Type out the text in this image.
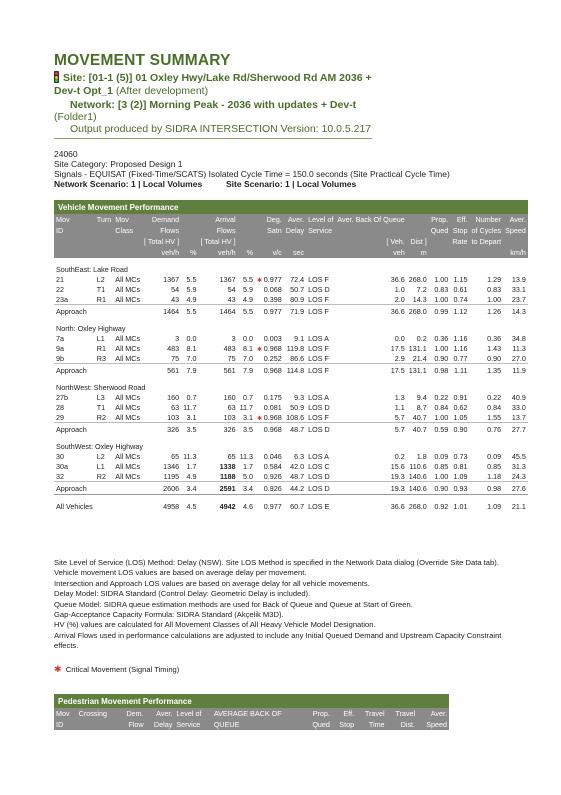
MOVEMENT SUMMARY
Site: [01-1 (5)] 01 Oxley Hwy/Lake Rd/Sherwood Rd AM 2036 +
Dev-t Opt_1 (After development)
Network: [3 (2)] Morning Peak - 2036 with updates + Dev-t
(Folder1)
Output produced by SIDRA INTERSECTION Version: 10.0.5.217
24060
Site Category: Proposed Design 1
Signals - EQUISAT (Fixed-Time/SCATS) Isolated Cycle Time = 150.0 seconds (Site Practical Cycle Time)
Network Scenario: 1 | Local Volumes	Site Scenario: 1 | Local Volumes
Vehicle Movement Performance															
Mov	Turn	Mov	Demand		Arrival		Deg.	Aver.	Level of	Aver. Back Of Queue		Prop.	Eff.	Number	Aver.
ID		Class	Flows		Flows		Satn	Delay	Service			Qued	Stop	of Cycles	Speed
			[ Total HV ]		[ Total HV ]					[ Veh.	Dist ]		Rate	to Depart	
			veh/h	%	veh/h	%	v/c	sec		veh	m				km/h
SouthEast: Lake Road															
21	L2	All MCs	1367	5.5	1367	5.5	✱ 0.977	72.4	LOS F	36.6	268.0	1.00	1.15	1.29	13.9
22	T1	All MCs	54	5.9	54	5.9	0.068	50.7	LOS D	1.0	7.2	0.83	0.61	0.83	33.1
23a	R1	All MCs	43	4.9	43	4.9	0.398	80.9	LOS F	2.0	14.3	1.00	0.74	1.00	23.7
Approach			1464	5.5	1464	5.5	0.977	71.9	LOS F	36.6	268.0	0.99	1.12	1.26	14.3
North: Oxley Highway															
7a	L1	All MCs	3	0.0	3	0.0	0.003	9.1	LOS A	0.0	0.2	0.36	1.16	0.36	34.8
9a	R1	All MCs	483	8.1	483	8.1	✱ 0.968	119.8	LOS F	17.5	131.1	1.00	1.16	1.43	11.3
9b	R3	All MCs	75	7.0	75	7.0	0.252	86.6	LOS F	2.9	21.4	0.90	0.77	0.90	27.0
Approach			561	7.9	561	7.9	0.968	114.8	LOS F	17.5	131.1	0.98	1.11	1.35	11.9
NorthWest: Sherwood Road															
27b	L3	All MCs	160	0.7	160	0.7	0.175	9.3	LOS A	1.3	9.4	0.22	0.91	0.22	40.9
28	T1	All MCs	63	11.7	63	11.7	0.081	50.9	LOS D	1.1	8.7	0.84	0.62	0.84	33.0
29	R2	All MCs	103	3.1	103	3.1	✱ 0.968	108.6	LOS F	5.7	40.7	1.00	1.05	1.55	13.7
Approach			326	3.5	326	3.5	0.968	48.7	LOS D	5.7	40.7	0.59	0.90	0.76	27.7
SouthWest: Oxley Highway															
30	L2	All MCs	65	11.3	65	11.3	0.046	6.3	LOS A	0.2	1.8	0.09	0.73	0.09	45.5
30a	L1	All MCs	1346	1.7	1338	1.7	0.584	42.0	LOS C	15.6	110.6	0.85	0.81	0.85	31.3
32	R2	All MCs	1195	4.9	1188	5.0	0.926	48.7	LOS D	19.3	140.6	1.00	1.09	1.18	24.3
Approach			2606	3.4	2591	3.4	0.926	44.2	LOS D	19.3	140.6	0.90	0.93	0.98	27.6

All Vehicles			4958	4.5	4942	4.6	0.977	60.7	LOS E	36.6	268.0	0.92	1.01	1.09	21.1

Site Level of Service (LOS) Method: Delay (NSW). Site LOS Method is specified in the Network Data dialog (Override Site Data tab).

Vehicle movement LOS values are based on average delay per movement.

Intersection and Approach LOS values are based on average delay for all vehicle movements.

Delay Model: SIDRA Standard (Control Delay: Geometric Delay is included).

Queue Model: SIDRA queue estimation methods are used for Back of Queue and Queue at Start of Green.

Gap-Acceptance Capacity Formula: SIDRA Standard (Akçelik M3D).

HV (%) values are calculated for All Movement Classes of All Heavy Vehicle Model Designation.

Arrival Flows used in performance calculations are adjusted to include any Initial Queued Demand and Upstream Capacity Constraint effects.

✱ Critical Movement (Signal Timing)
Pedestrian Movement Performance										
Mov	Crossing	Dem.	Aver.	Level of	AVERAGE BACK OF	Prop.	Eff.	Travel	Travel	Aver.
ID		Flow	Delay	Service	QUEUE	Qued	Stop	Time	Dist.	Speed
